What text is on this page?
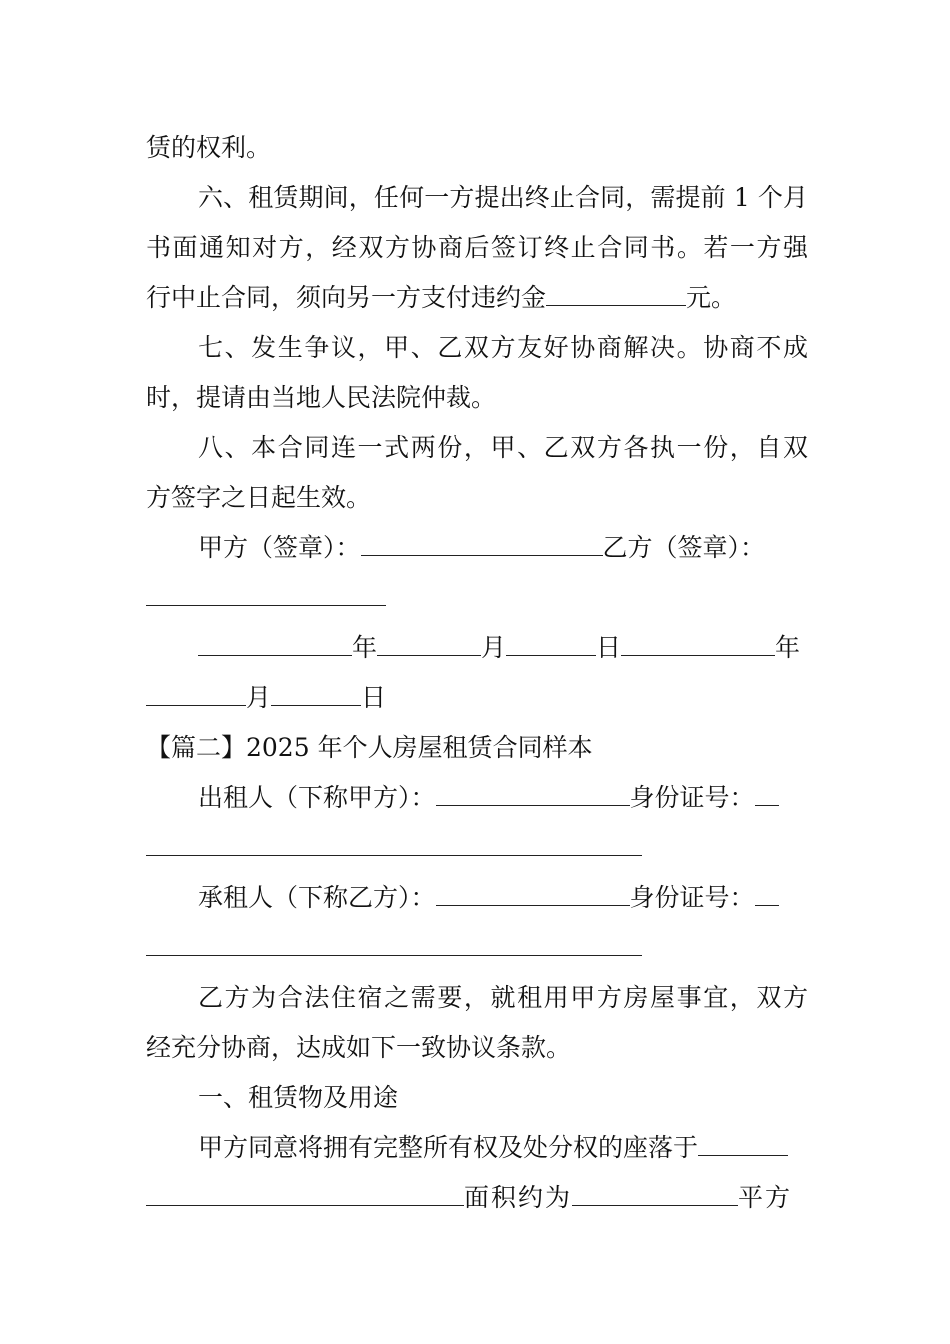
赁的权利。
六、租赁期间，任何一方提出终止合同，需提前 1 个月
书面通知对方，经双方协商后签订终止合同书。若一方强
行中止合同，须向另一方支付违约金	元。
七、发生争议，甲、乙双方友好协商解决。协商不成
时，提请由当地人民法院仲裁。
八、本合同连一式两份，甲、乙双方各执一份，自双
方签字之日起生效。
甲方（签章）：	乙方（签章）：
年	月	日	年
月	日
【篇二】2025 年个人房屋租赁合同样本
出租人（下称甲方）：	身份证号：
承租人（下称乙方）：	身份证号：
乙方为合法住宿之需要，就租用甲方房屋事宜，双方
经充分协商，达成如下一致协议条款。
一、租赁物及用途
甲方同意将拥有完整所有权及处分权的座落于
面积约为	平方
